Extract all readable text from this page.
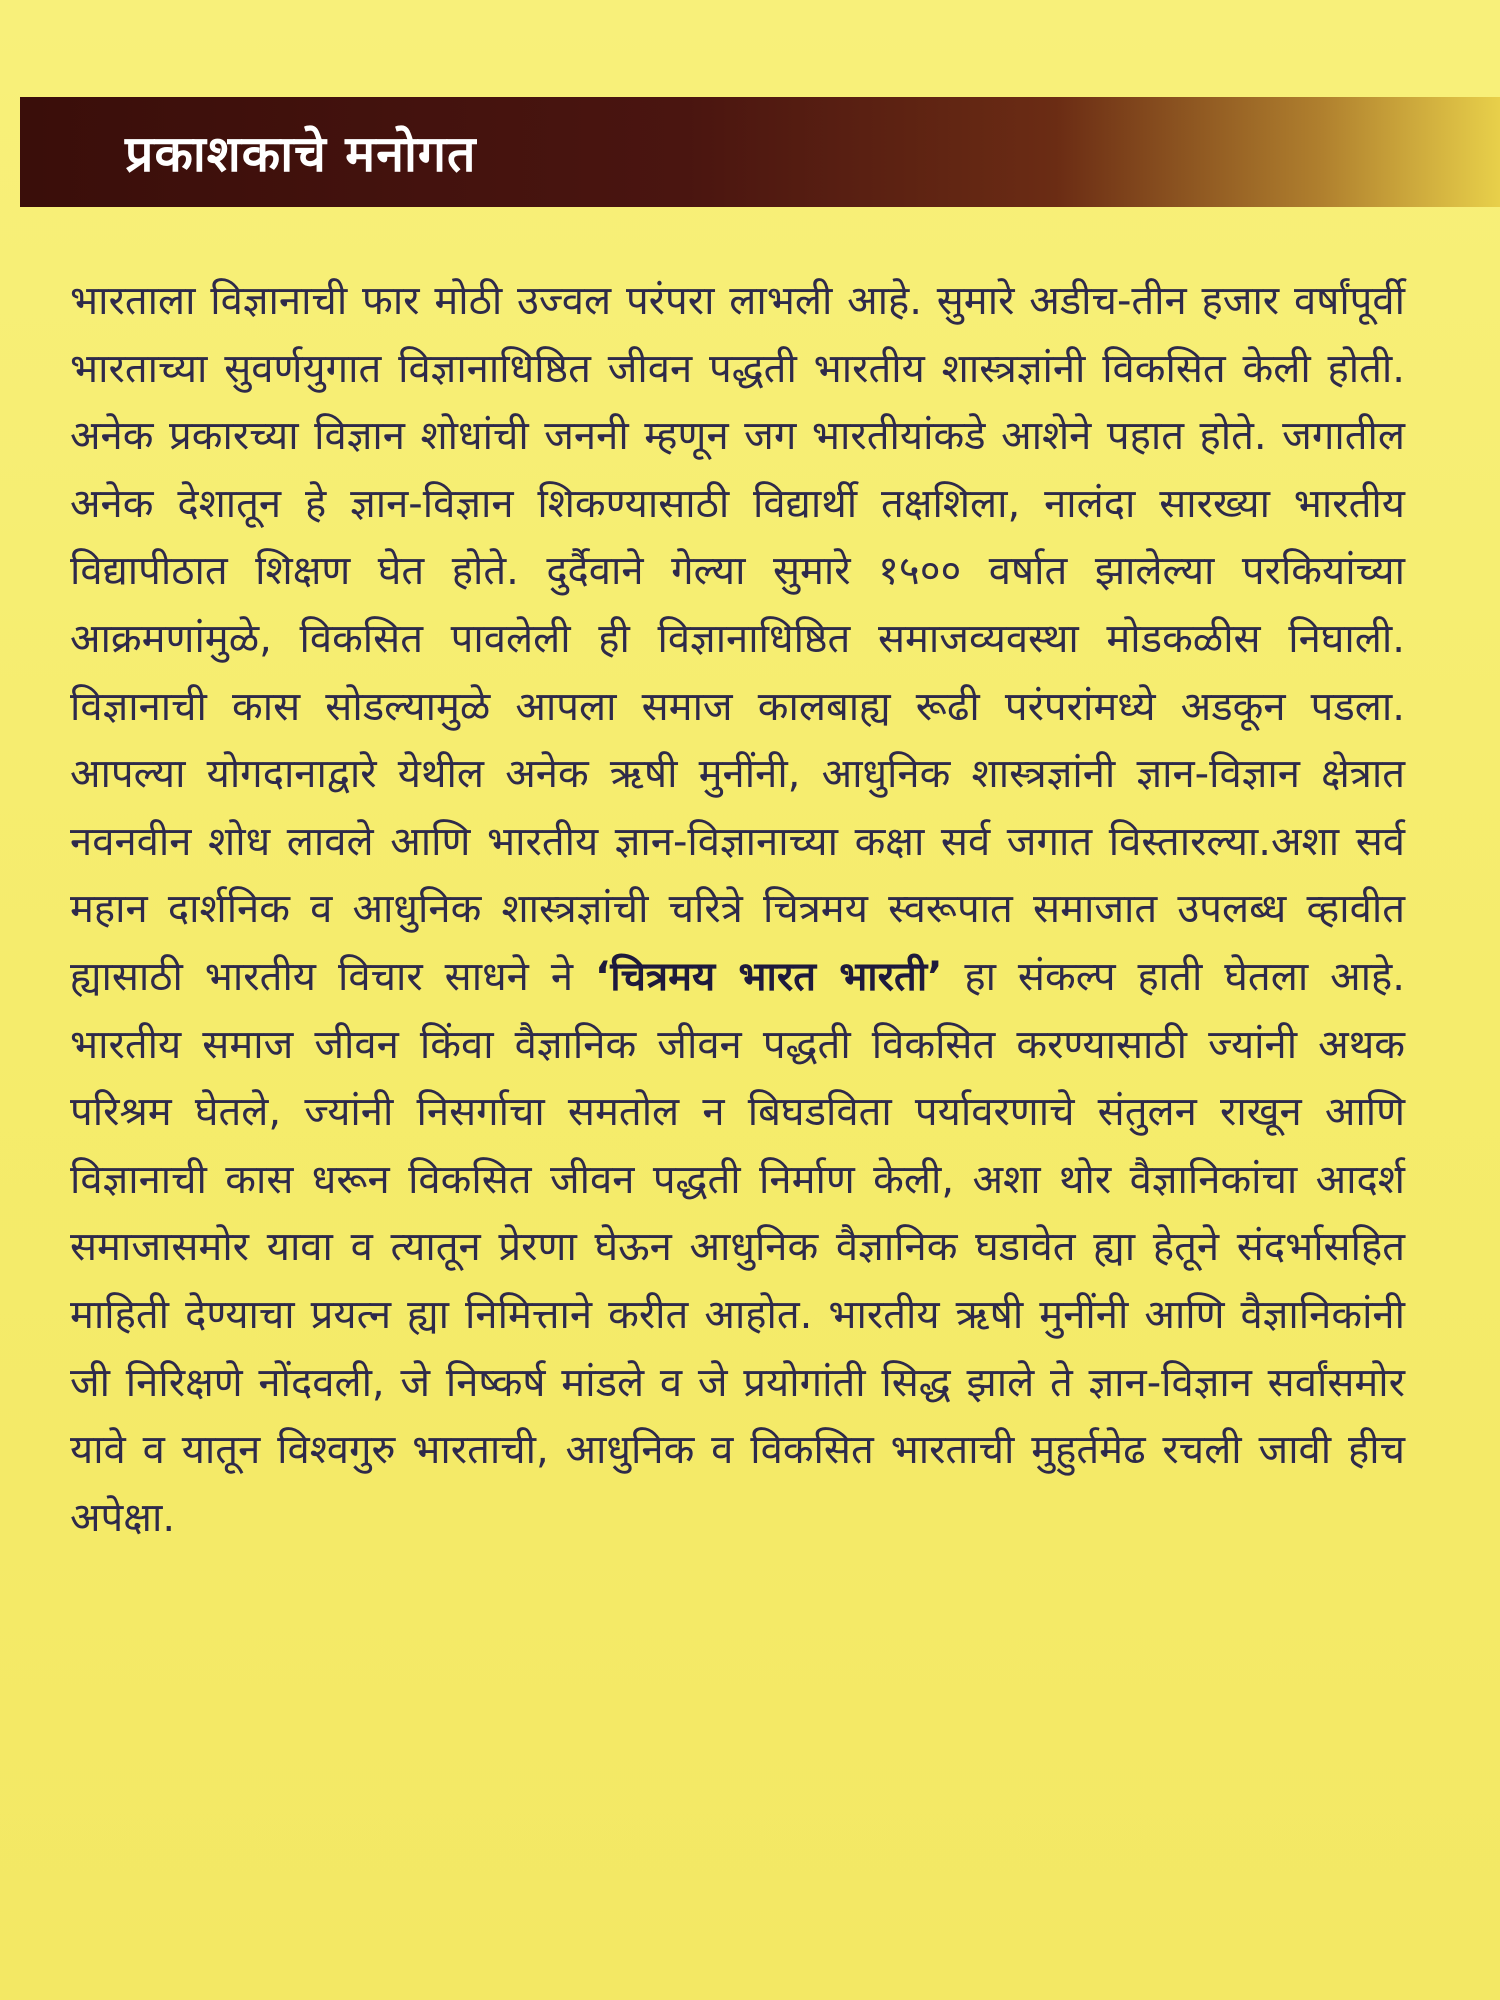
प्रकाशकाचे मनोगत

भारताला विज्ञानाची फार मोठी उज्वल परंपरा लाभली आहे. सुमारे अडीच-तीन हजार वर्षांपूर्वी भारताच्या सुवर्णयुगात विज्ञानाधिष्ठित जीवन पद्धती भारतीय शास्त्रज्ञांनी विकसित केली होती. अनेक प्रकारच्या विज्ञान शोधांची जननी म्हणून जग भारतीयांकडे आशेने पहात होते. जगातील अनेक देशातून हे ज्ञान-विज्ञान शिकण्यासाठी विद्यार्थी तक्षशिला, नालंदा सारख्या भारतीय विद्यापीठात शिक्षण घेत होते. दुर्दैवाने गेल्या सुमारे १५०० वर्षात झालेल्या परकियांच्या आक्रमणांमुळे, विकसित पावलेली ही विज्ञानाधिष्ठित समाजव्यवस्था मोडकळीस निघाली. विज्ञानाची कास सोडल्यामुळे आपला समाज कालबाह्य रूढी परंपरांमध्ये अडकून पडला. आपल्या योगदानाद्वारे येथील अनेक ऋषी मुनींनी, आधुनिक शास्त्रज्ञांनी ज्ञान-विज्ञान क्षेत्रात नवनवीन शोध लावले आणि भारतीय ज्ञान-विज्ञानाच्या कक्षा सर्व जगात विस्तारल्या.अशा सर्व महान दार्शनिक व आधुनिक शास्त्रज्ञांची चरित्रे चित्रमय स्वरूपात समाजात उपलब्ध व्हावीत ह्यासाठी भारतीय विचार साधने ने ‘चित्रमय भारत भारती’ हा संकल्प हाती घेतला आहे. भारतीय समाज जीवन किंवा वैज्ञानिक जीवन पद्धती विकसित करण्यासाठी ज्यांनी अथक परिश्रम घेतले, ज्यांनी निसर्गाचा समतोल न बिघडविता पर्यावरणाचे संतुलन राखून आणि विज्ञानाची कास धरून विकसित जीवन पद्धती निर्माण केली, अशा थोर वैज्ञानिकांचा आदर्श समाजासमोर यावा व त्यातून प्रेरणा घेऊन आधुनिक वैज्ञानिक घडावेत ह्या हेतूने संदर्भासहित माहिती देण्याचा प्रयत्न ह्या निमित्ताने करीत आहोत. भारतीय ऋषी मुनींनी आणि वैज्ञानिकांनी जी निरिक्षणे नोंदवली, जे निष्कर्ष मांडले व जे प्रयोगांती सिद्ध झाले ते ज्ञान-विज्ञान सर्वांसमोर यावे व यातून विश्वगुरु भारताची, आधुनिक व विकसित भारताची मुहुर्तमेढ रचली जावी हीच अपेक्षा.
